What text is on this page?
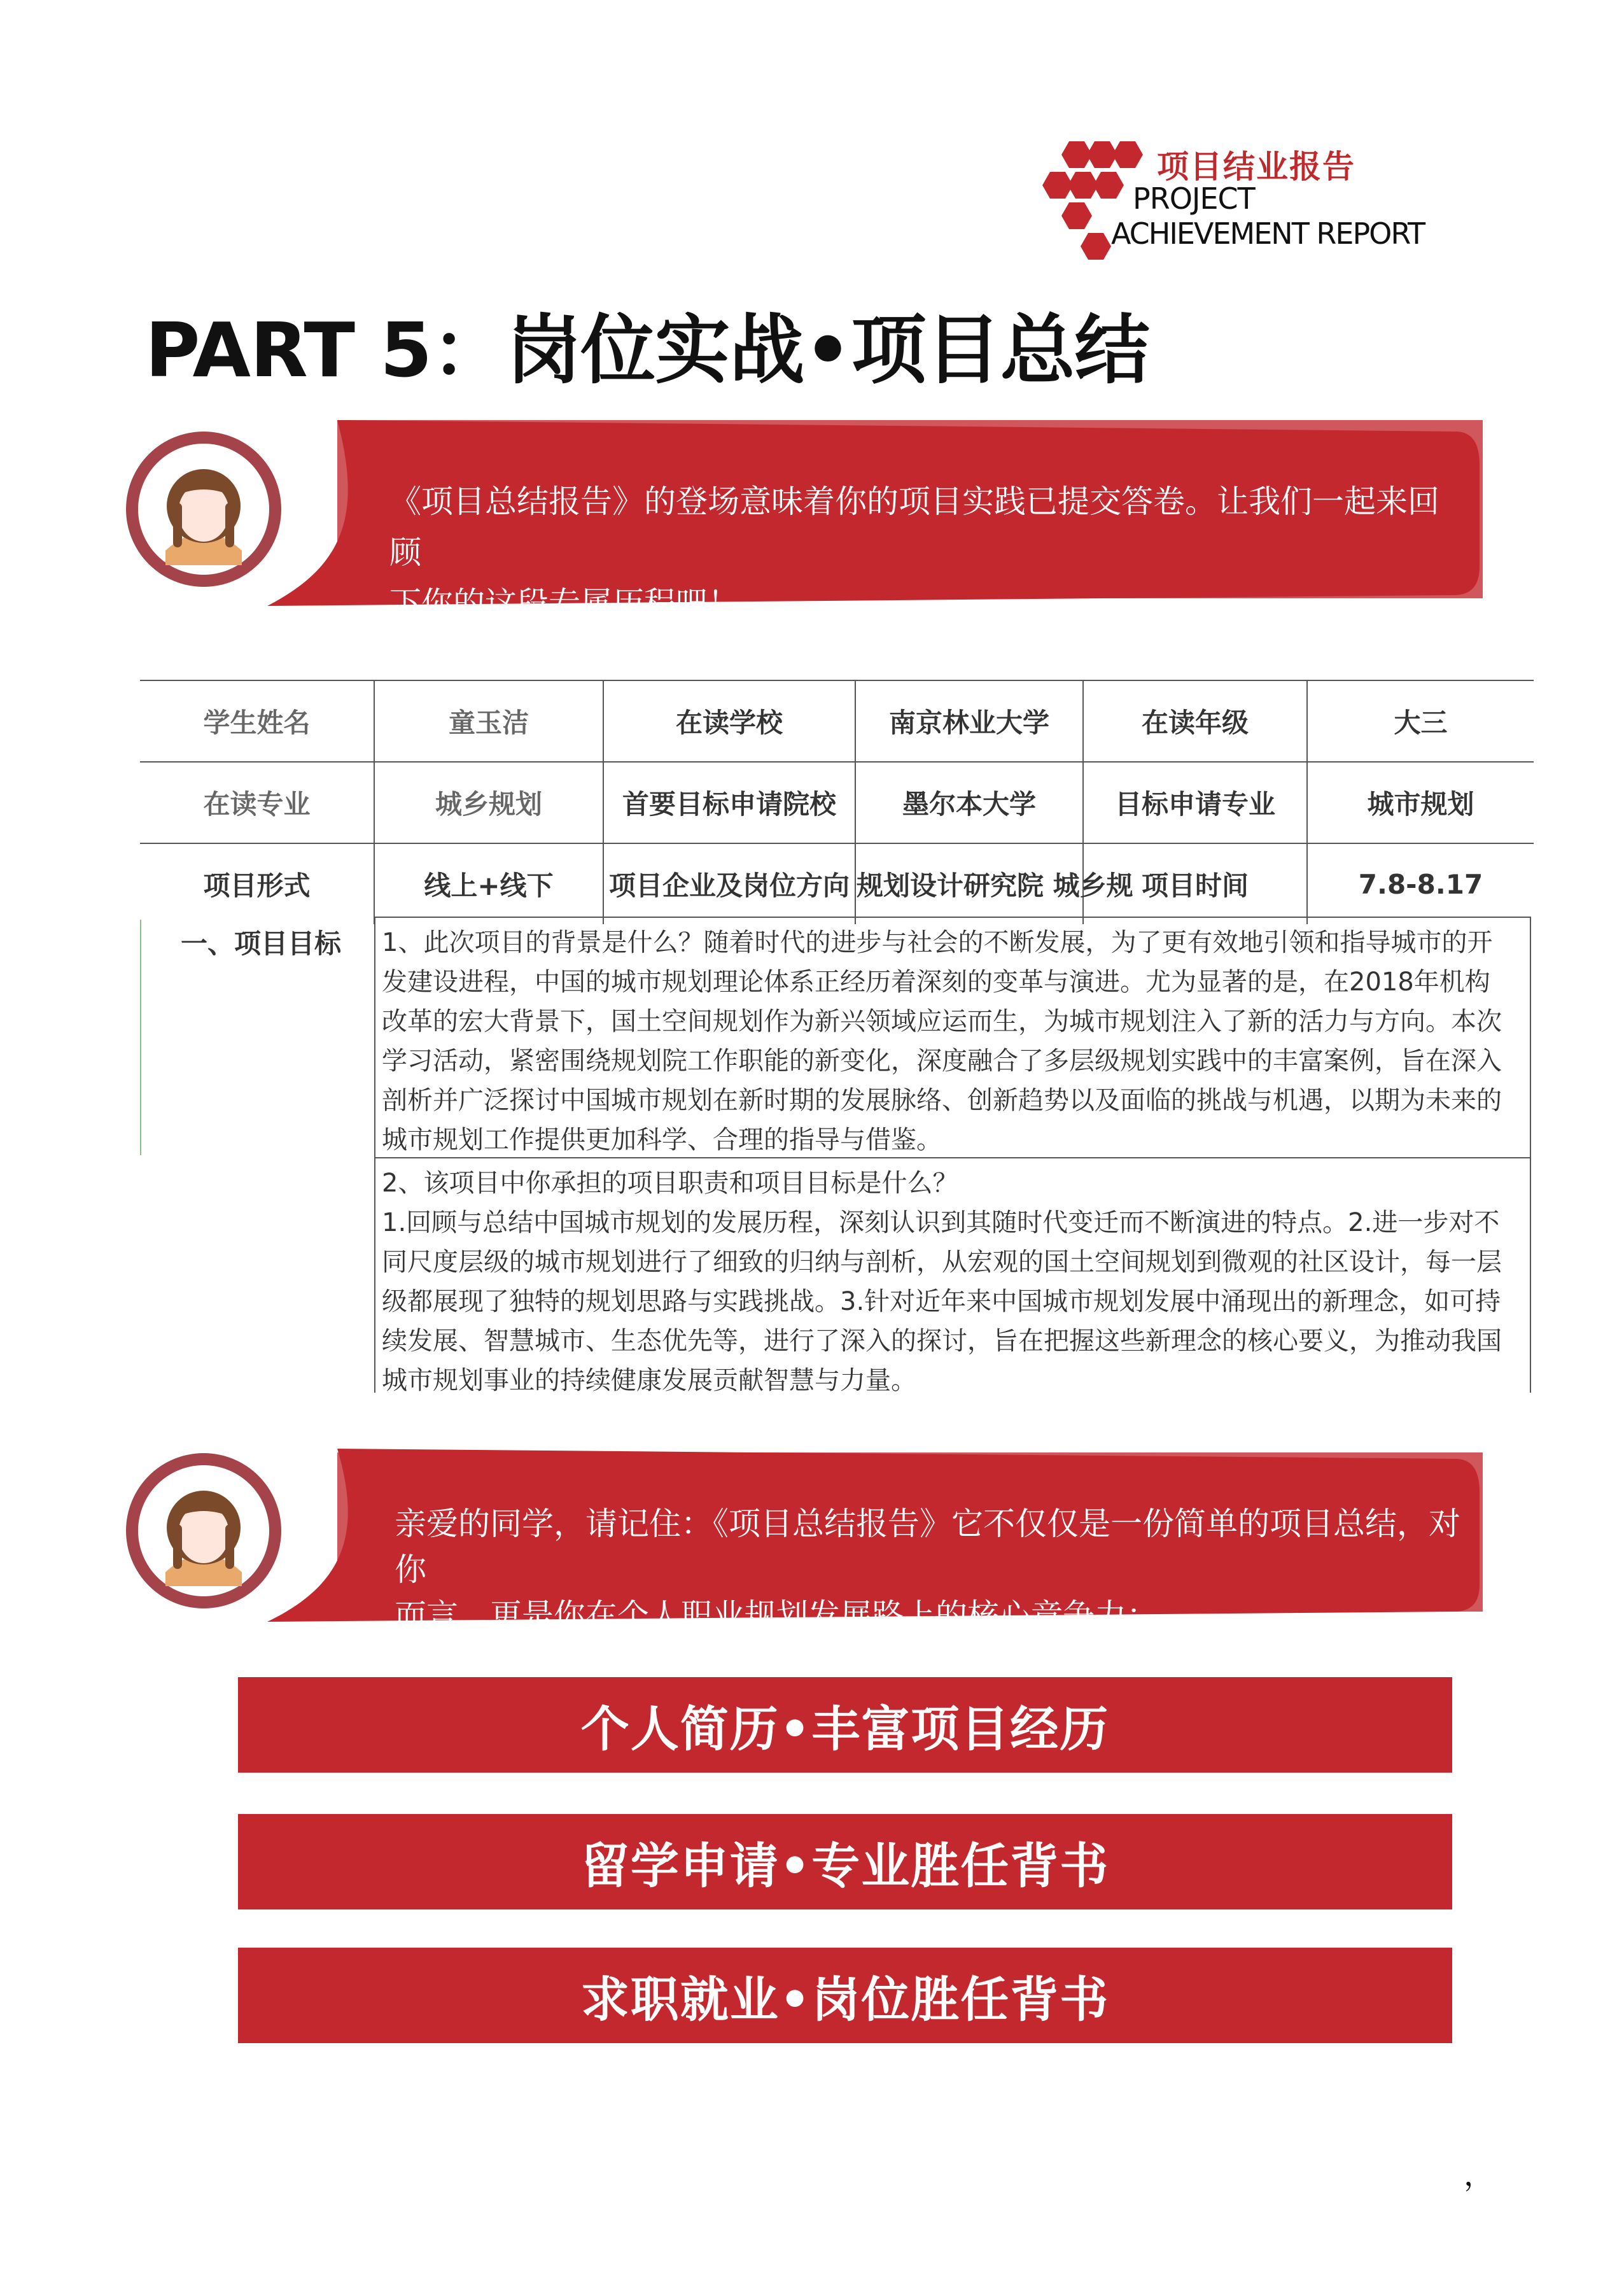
项目结业报告
PROJECT
ACHIEVEMENT REPORT
PART 5：岗位实战•项目总结
《项目总结报告》的登场意味着你的项目实践已提交答卷。让我们一起来回 顾
下你的这段专属历程吧！
学生姓名	童玉洁	在读学校	南京林业大学	在读年级	大三
在读专业	城乡规划	首要目标申请院校	墨尔本大学	目标申请专业	城市规划
项目形式	线上+线下	项目企业及岗位方向	规划设计研究院 城乡规	项目时间	7.8-8.17
一、项目目标 1、此次项目的背景是什么？随着时代的进步与社会的不断发展，为了更有效地引领和指导城市的开

发建设进程，中国的城市规划理论体系正经历着深刻的变革与演进。尤为显著的是，在2018年机构

改革的宏大背景下，国土空间规划作为新兴领域应运而生，为城市规划注入了新的活力与方向。本次

学习活动，紧密围绕规划院工作职能的新变化，深度融合了多层级规划实践中的丰富案例，旨在深入

剖析并广泛探讨中国城市规划在新时期的发展脉络、创新趋势以及面临的挑战与机遇，以期为未来的

城市规划工作提供更加科学、合理的指导与借鉴。

2、该项目中你承担的项目职责和项目目标是什么？

1.回顾与总结中国城市规划的发展历程，深刻认识到其随时代变迁而不断演进的特点。2.进一步对不

同尺度层级的城市规划进行了细致的归纳与剖析，从宏观的国土空间规划到微观的社区设计，每一层

级都展现了独特的规划思路与实践挑战。3.针对近年来中国城市规划发展中涌现出的新理念，如可持

续发展、智慧城市、生态优先等，进行了深入的探讨，旨在把握这些新理念的核心要义，为推动我国

城市规划事业的持续健康发展贡献智慧与力量。

亲爱的同学，请记住：《项目总结报告》它不仅仅是一份简单的项目总结，对你
而言，更是你在个人职业规划发展路上的核心竞争力：
个人简历•丰富项目经历
留学申请•专业胜任背书
求职就业•岗位胜任背书
，
